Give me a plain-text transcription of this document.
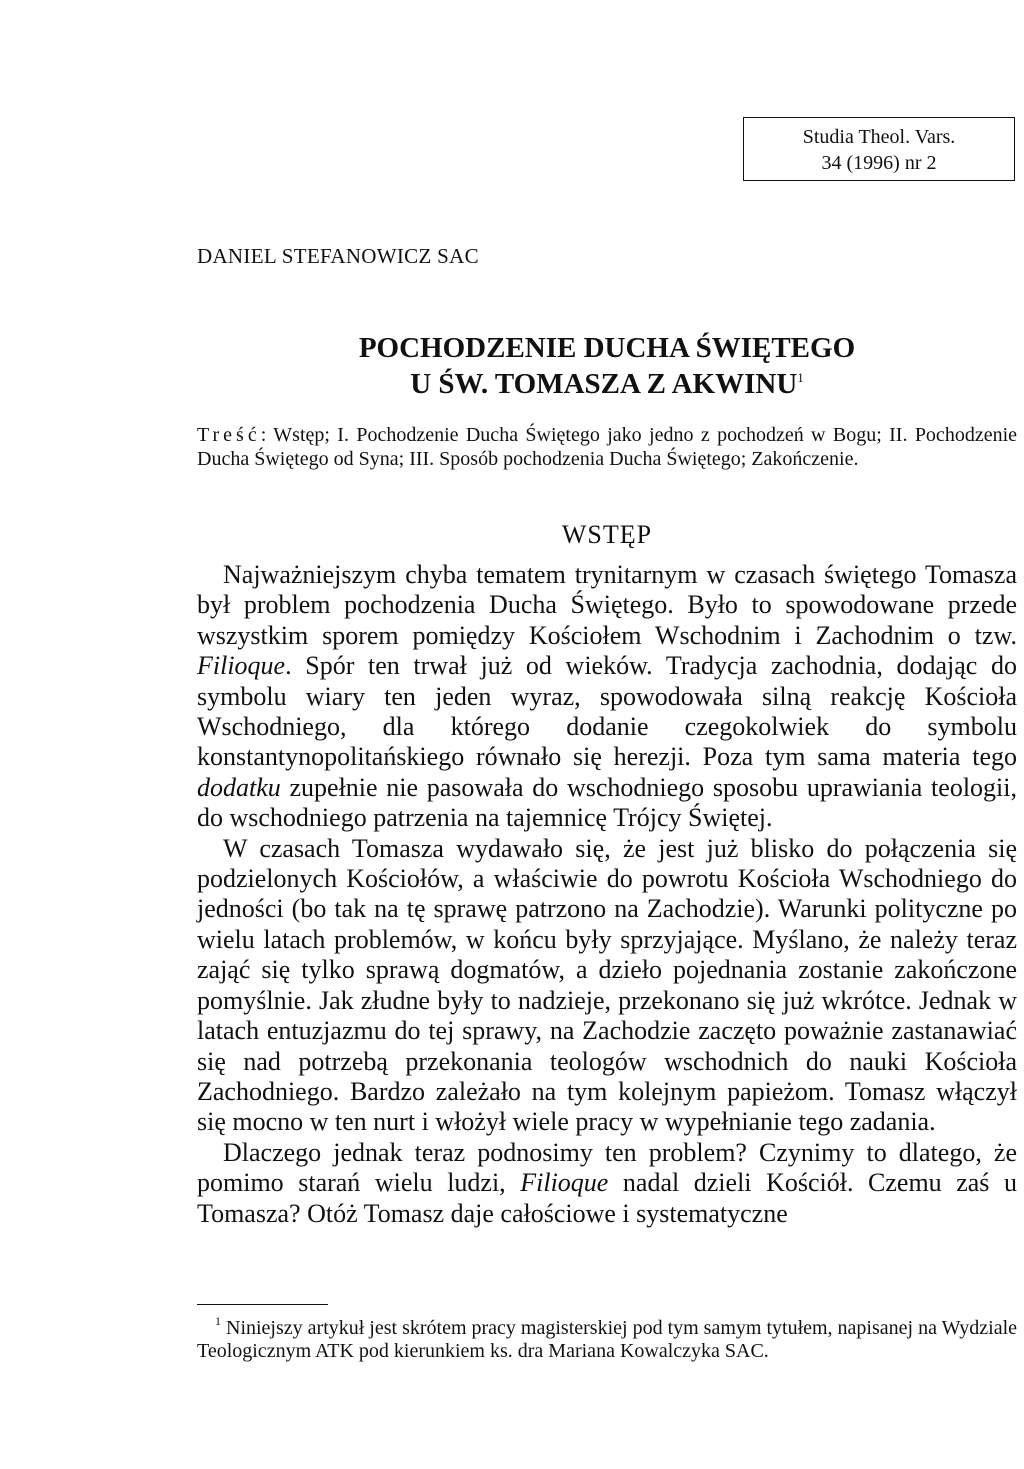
Studia Theol. Vars.
34 (1996) nr 2
DANIEL STEFANOWICZ SAC
POCHODZENIE DUCHA ŚWIĘTEGO
U ŚW. TOMASZA Z AKWINU$^1$
Treść: Wstęp; I. Pochodzenie Ducha Świętego jako jedno z pochodzeń w Bogu; II. Pochodzenie Ducha Świętego od Syna; III. Sposób pochodzenia Ducha Świętego; Zakończenie.
WSTĘP

Najważniejszym chyba tematem trynitarnym w czasach świętego Tomasza był problem pochodzenia Ducha Świętego. Było to spowodowane przede wszystkim sporem pomiędzy Kościołem Wschodnim i Zachodnim o tzw. Filioque. Spór ten trwał już od wieków. Tradycja zachodnia, dodając do symbolu wiary ten jeden wyraz, spowodowała silną reakcję Kościoła Wschodniego, dla którego dodanie czegokolwiek do symbolu konstantynopolitańskiego równało się herezji. Poza tym sama materia tego dodatku zupełnie nie pasowała do wschodniego sposobu uprawiania teologii, do wschodniego patrzenia na tajemnicę Trójcy Świętej.

W czasach Tomasza wydawało się, że jest już blisko do połączenia się podzielonych Kościołów, a właściwie do powrotu Kościoła Wschodniego do jedności (bo tak na tę sprawę patrzono na Zachodzie). Warunki polityczne po wielu latach problemów, w końcu były sprzyjające. Myślano, że należy teraz zająć się tylko sprawą dogmatów, a dzieło pojednania zostanie zakończone pomyślnie. Jak złudne były to nadzieje, przekonano się już wkrótce. Jednak w latach entuzjazmu do tej sprawy, na Zachodzie zaczęto poważnie zastanawiać się nad potrzebą przekonania teologów wschodnich do nauki Kościoła Zachodniego. Bardzo zależało na tym kolejnym papieżom. Tomasz włączył się mocno w ten nurt i włożył wiele pracy w wypełnianie tego zadania.

Dlaczego jednak teraz podnosimy ten problem? Czynimy to dlatego, że pomimo starań wielu ludzi, Filioque nadal dzieli Kościół. Czemu zaś u Tomasza? Otóż Tomasz daje całościowe i systematyczne

$^1$ Niniejszy artykuł jest skrótem pracy magisterskiej pod tym samym tytułem, napisanej na Wydziale Teologicznym ATK pod kierunkiem ks. dra Mariana Kowalczyka SAC.
